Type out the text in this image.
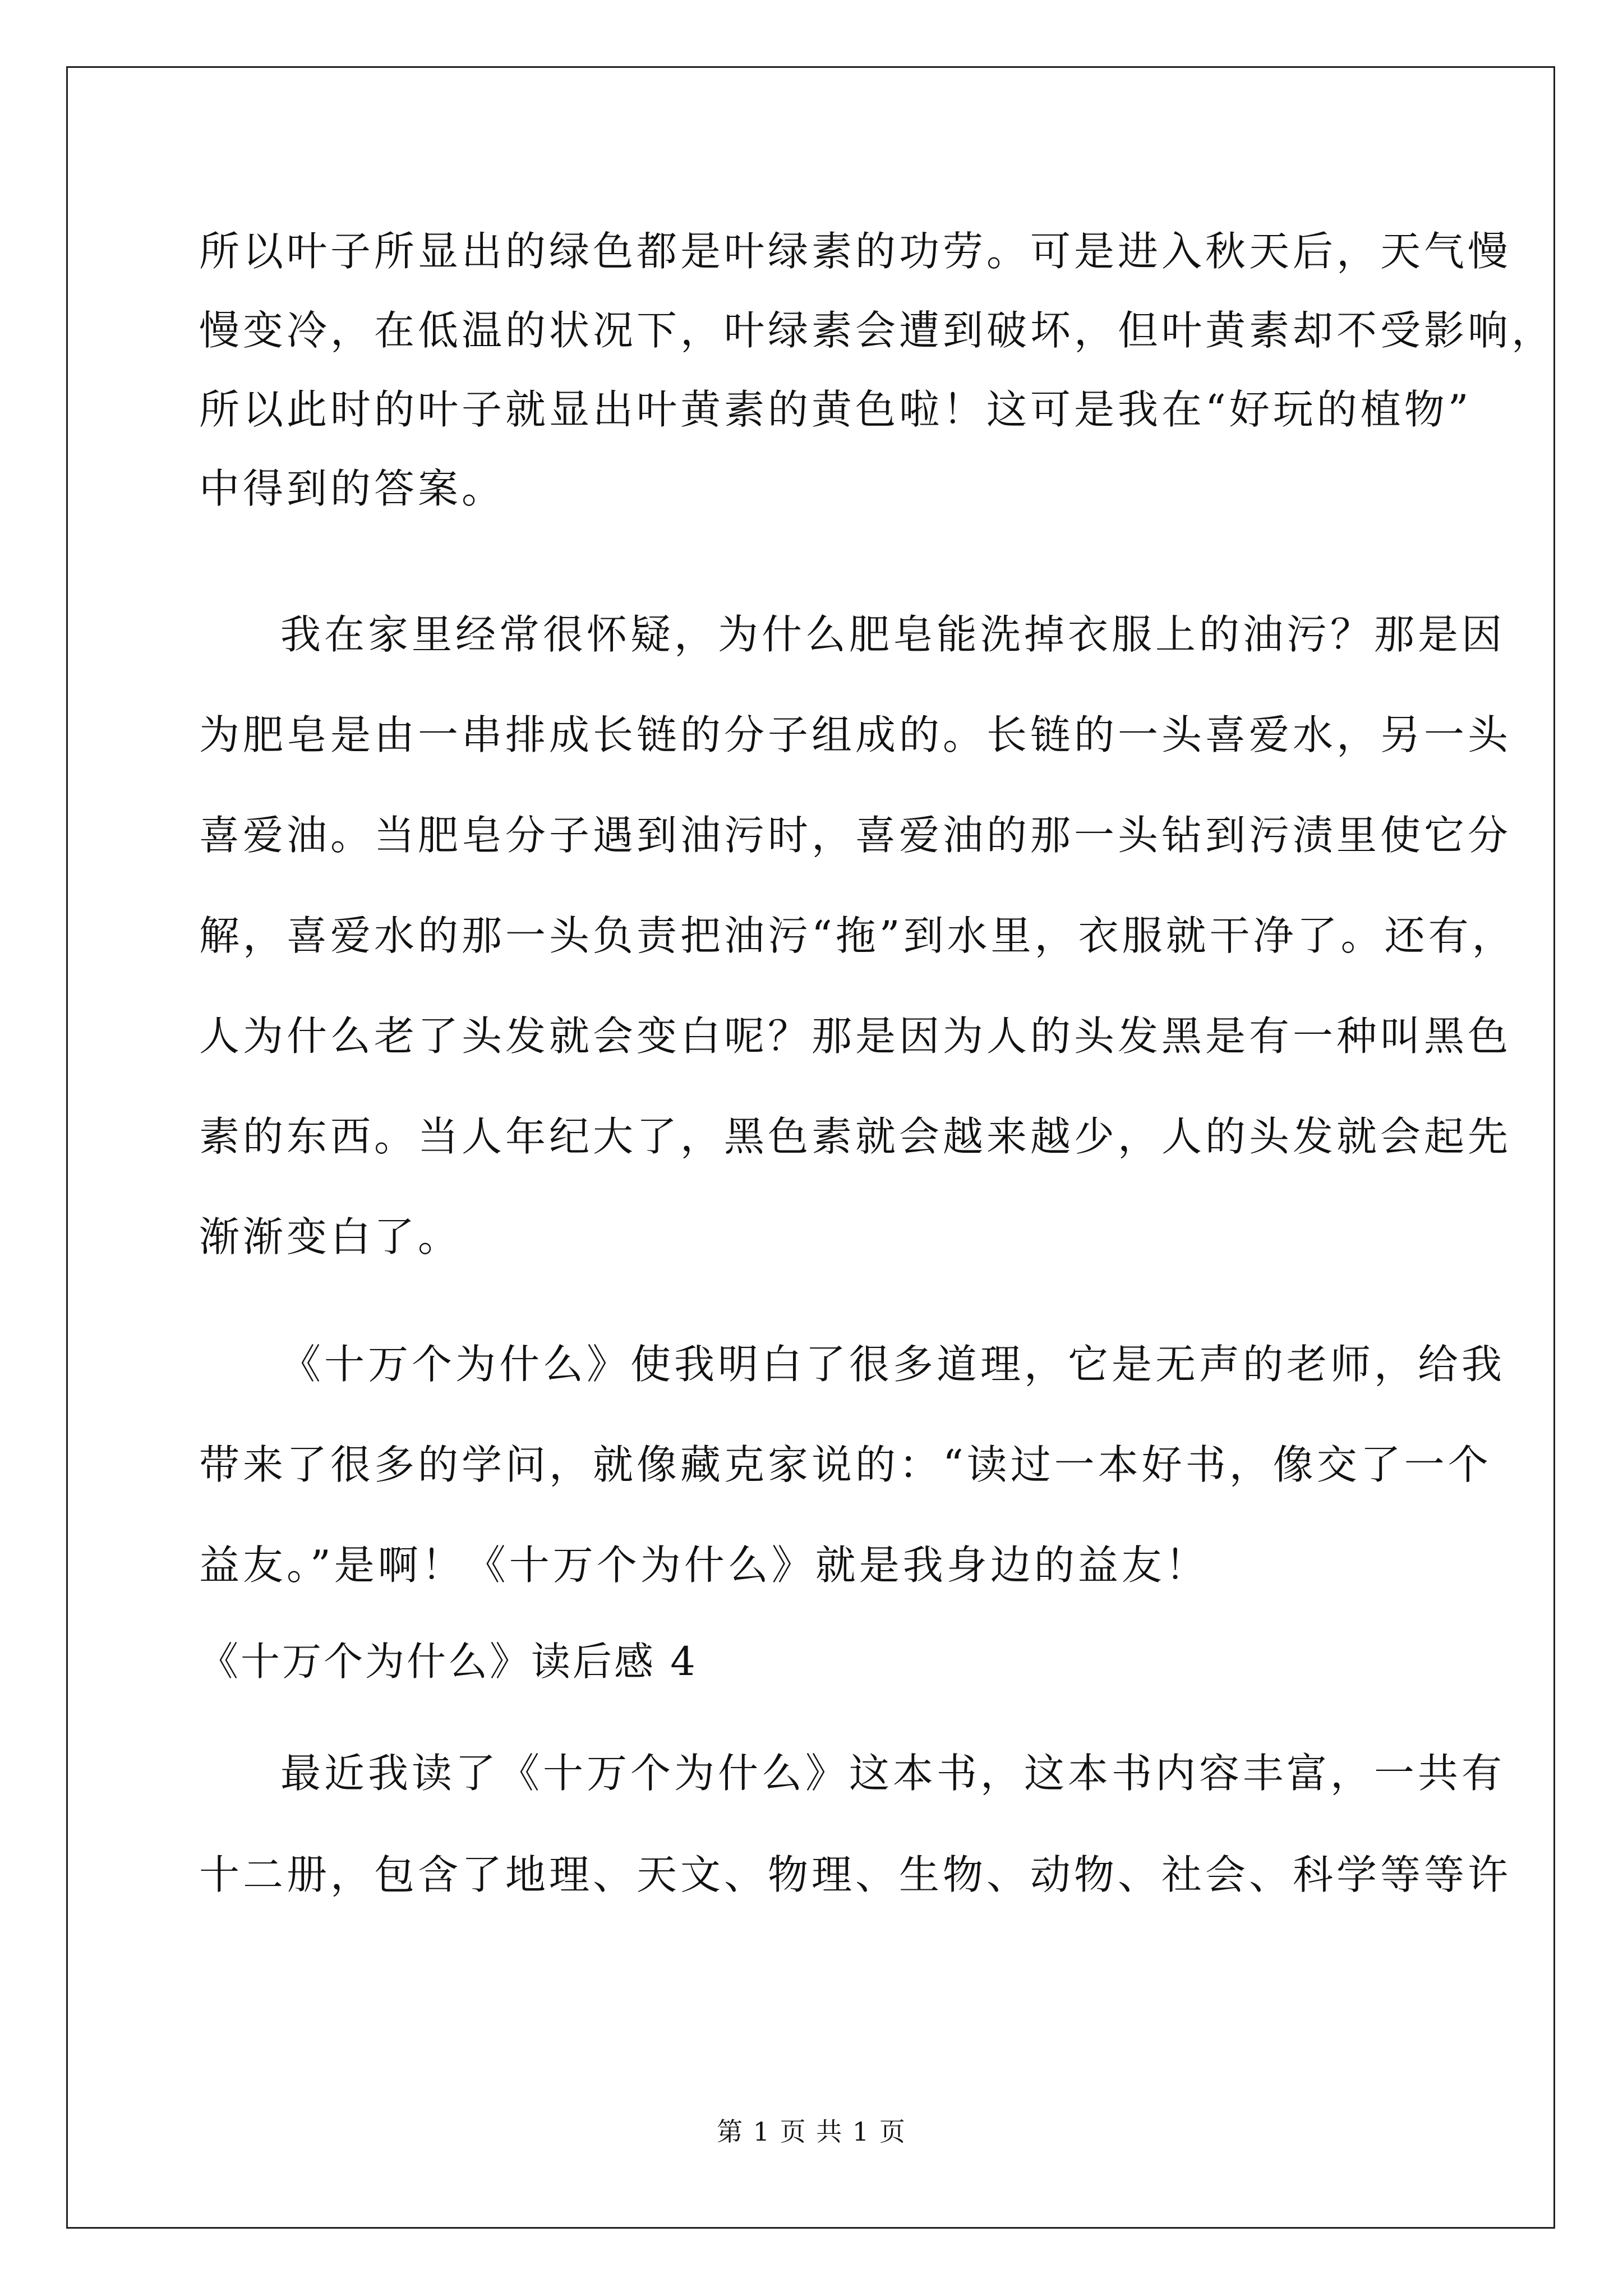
所以叶子所显出的绿色都是叶绿素的功劳。可是进入秋天后，天气慢
慢变冷，在低温的状况下，叶绿素会遭到破坏，但叶黄素却不受影响，
所以此时的叶子就显出叶黄素的黄色啦！这可是我在“好玩的植物”
中得到的答案。
我在家里经常很怀疑，为什么肥皂能洗掉衣服上的油污？那是因
为肥皂是由一串排成长链的分子组成的。长链的一头喜爱水，另一头
喜爱油。当肥皂分子遇到油污时，喜爱油的那一头钻到污渍里使它分
解，喜爱水的那一头负责把油污“拖”到水里，衣服就干净了。还有，
人为什么老了头发就会变白呢？那是因为人的头发黑是有一种叫黑色
素的东西。当人年纪大了，黑色素就会越来越少，人的头发就会起先
渐渐变白了。
《十万个为什么》使我明白了很多道理，它是无声的老师，给我
带来了很多的学问，就像藏克家说的：“读过一本好书，像交了一个
益友。”是啊！《十万个为什么》就是我身边的益友！
《十万个为什么》读后感 4
最近我读了《十万个为什么》这本书，这本书内容丰富，一共有
十二册，包含了地理、天文、物理、生物、动物、社会、科学等等许
第 1 页 共 1 页
